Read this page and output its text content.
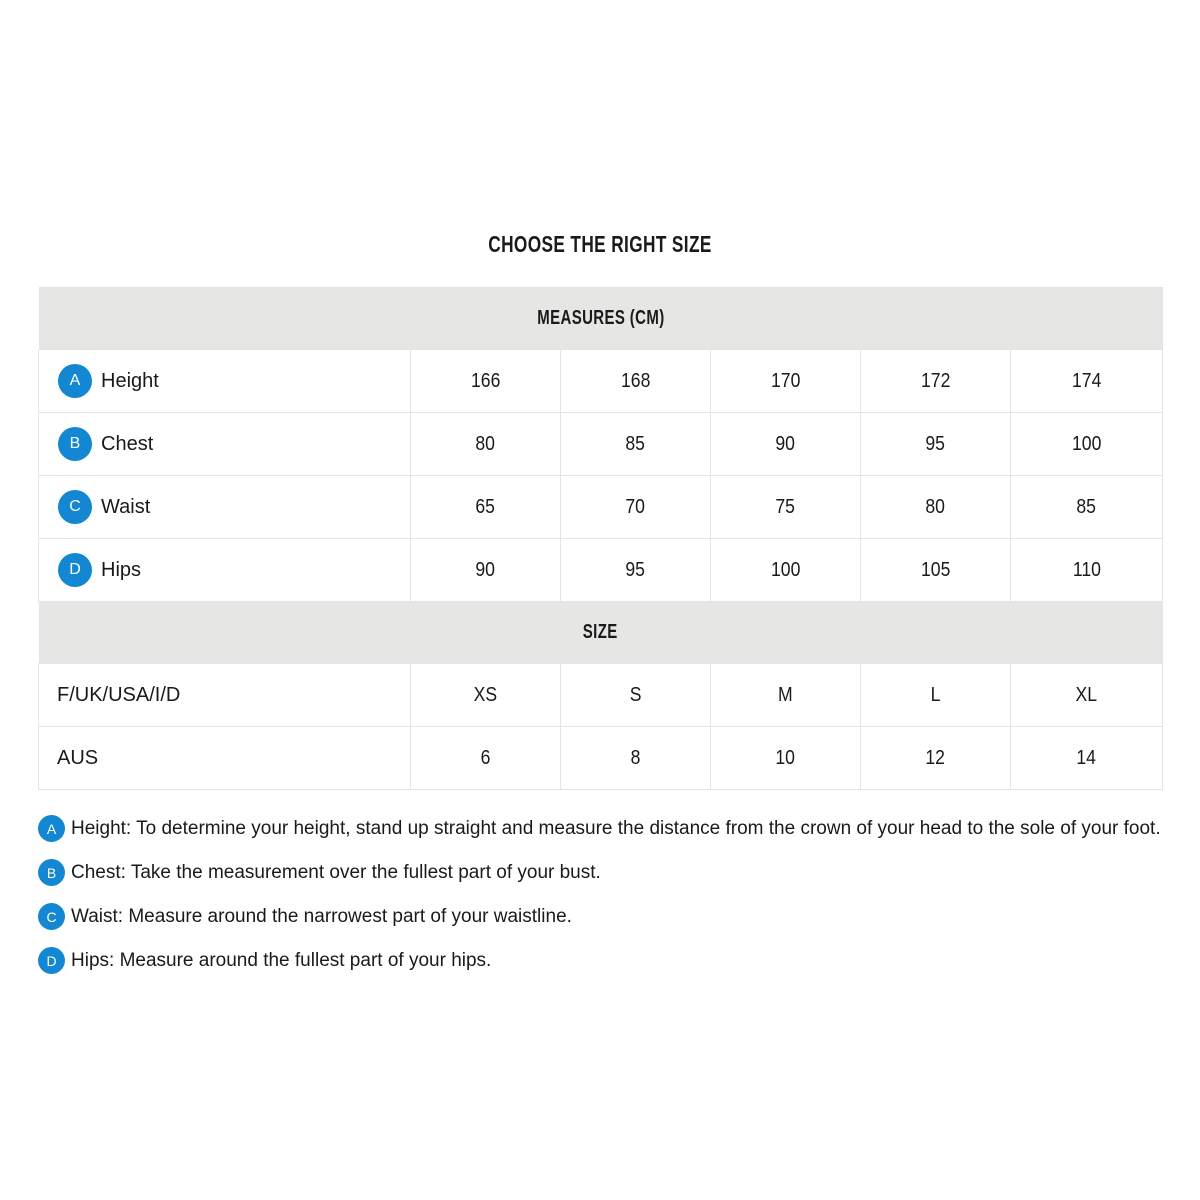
CHOOSE THE RIGHT SIZE
MEASURES (CM)					

A Height	166	168	170	172	174

B Chest	80	85	90	95	100

C Waist	65	70	75	80	85

D Hips	90	95	100	105	110
SIZE					
F/UK/USA/I/D	XS	S	M	L	XL
AUS	6	8	10	12	14
A Height: To determine your height, stand up straight and measure the distance from the crown of your head to the sole of your foot.
B Chest: Take the measurement over the fullest part of your bust.
C Waist: Measure around the narrowest part of your waistline.
D Hips: Measure around the fullest part of your hips.
